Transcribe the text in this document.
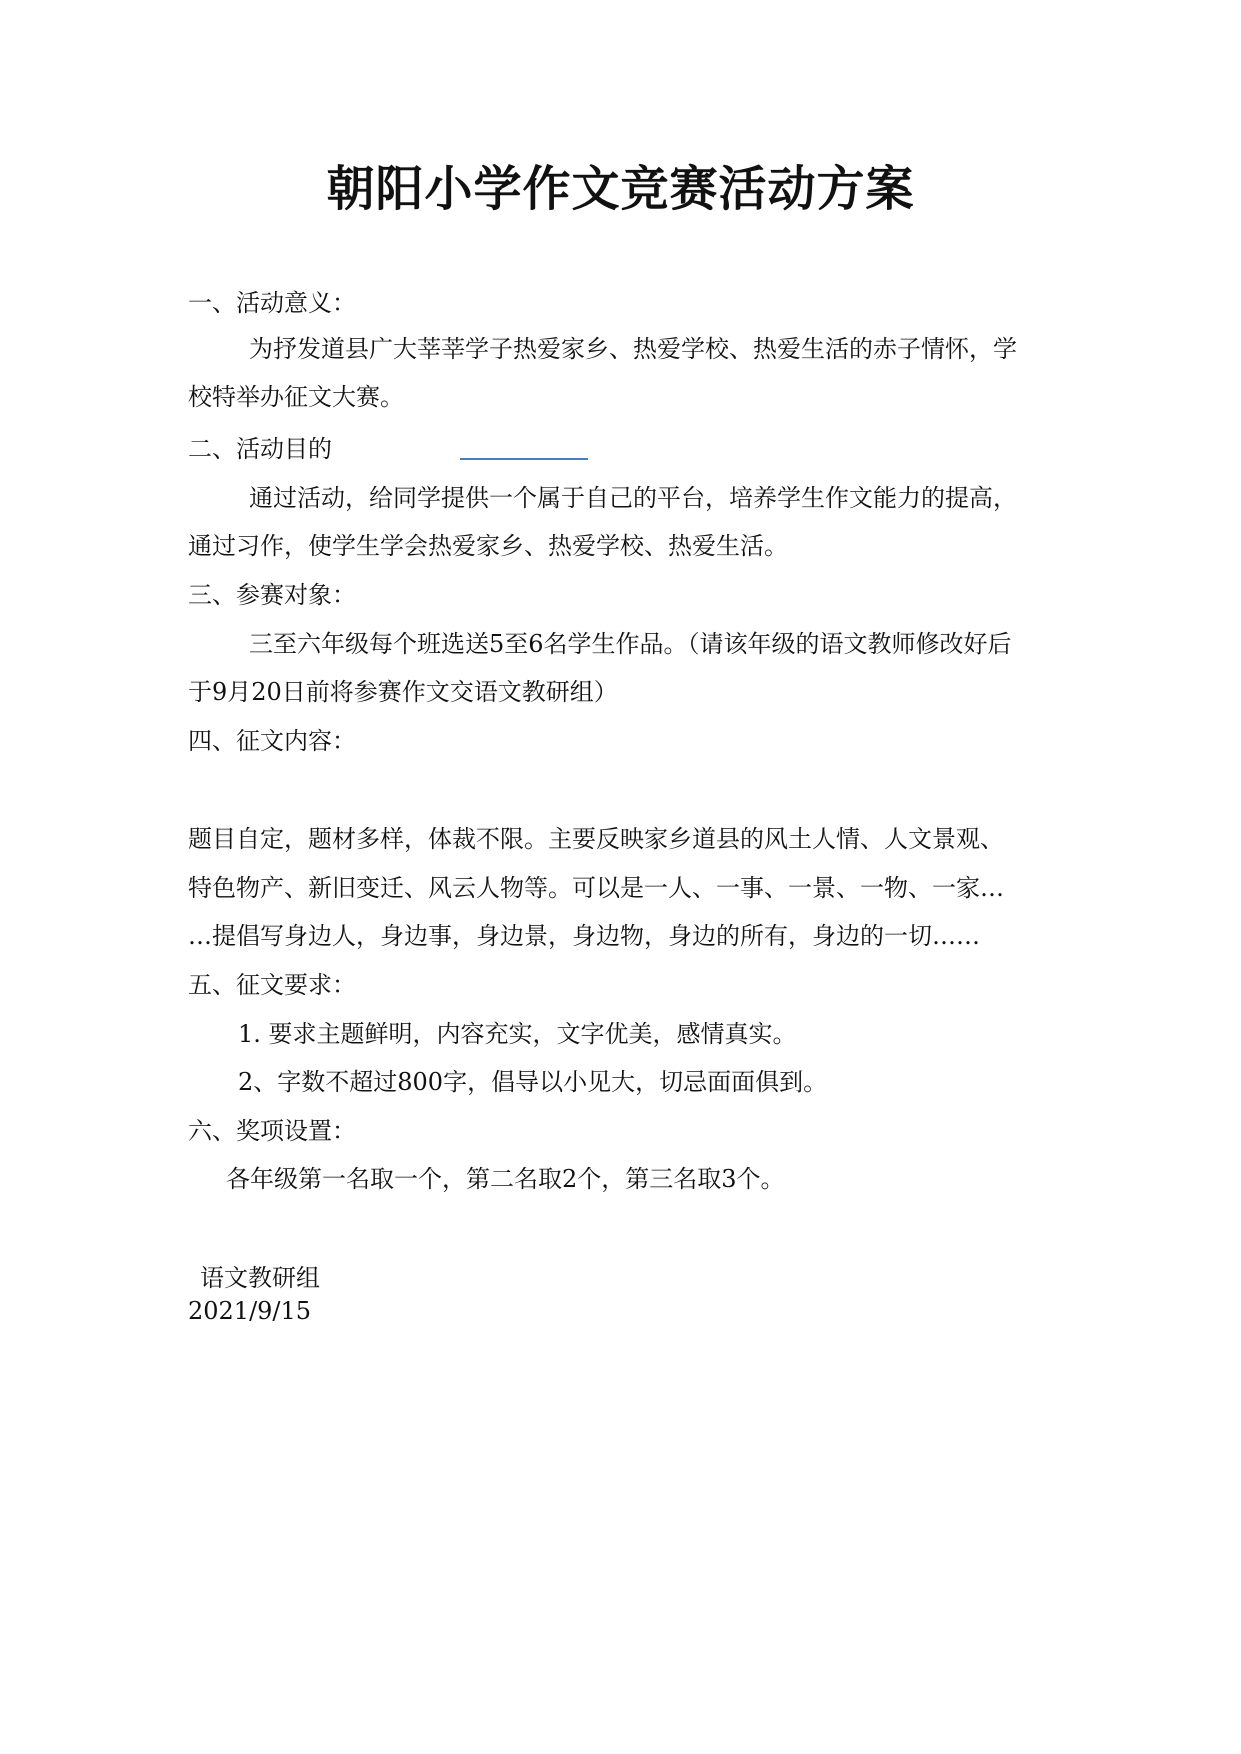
朝阳小学作文竞赛活动方案
一、活动意义：
为抒发道县广大莘莘学子热爱家乡、热爱学校、热爱生活的赤子情怀，学
校特举办征文大赛。
二、活动目的
通过活动，给同学提供一个属于自己的平台，培养学生作文能力的提高，
通过习作，使学生学会热爱家乡、热爱学校、热爱生活。
三、参赛对象：
三至六年级每个班选送5至6名学生作品。（请该年级的语文教师修改好后
于9月20日前将参赛作文交语文教研组）
四、征文内容：
题目自定，题材多样，体裁不限。主要反映家乡道县的风土人情、人文景观、
特色物产、新旧变迁、风云人物等。可以是一人、一事、一景、一物、一家…
…提倡写身边人，身边事，身边景，身边物，身边的所有，身边的一切……
五、征文要求：
1. 要求主题鲜明，内容充实，文字优美，感情真实。
2、字数不超过800字，倡导以小见大，切忌面面俱到。
六、奖项设置：
各年级第一名取一个，第二名取2个，第三名取3个。
语文教研组
2021/9/15
